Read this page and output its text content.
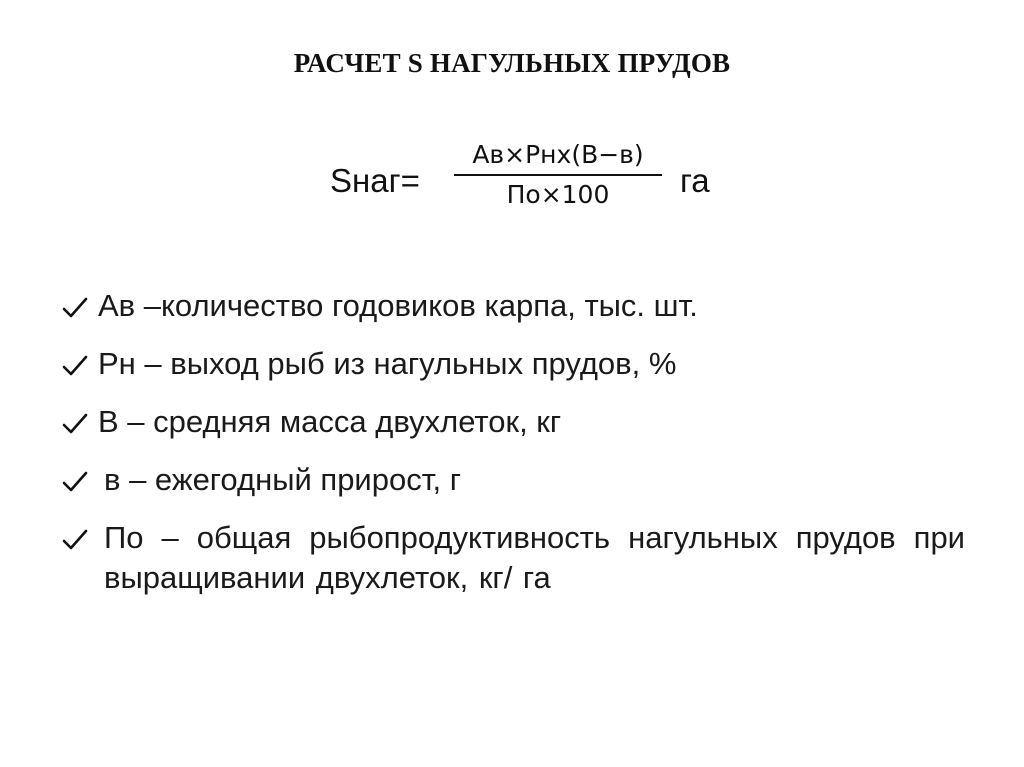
РАСЧЕТ S НАГУЛЬНЫХ ПРУДОВ
Sнаг=
Ав×Рнх(В−в)
По×100	га
Ав –количество годовиков карпа, тыс. шт.
Рн – выход рыб из нагульных прудов, %
В – средняя масса двухлеток, кг
в – ежегодный прирост, г
По – общая рыбопродуктивность нагульных прудов при выращивании двухлеток, кг/ га
